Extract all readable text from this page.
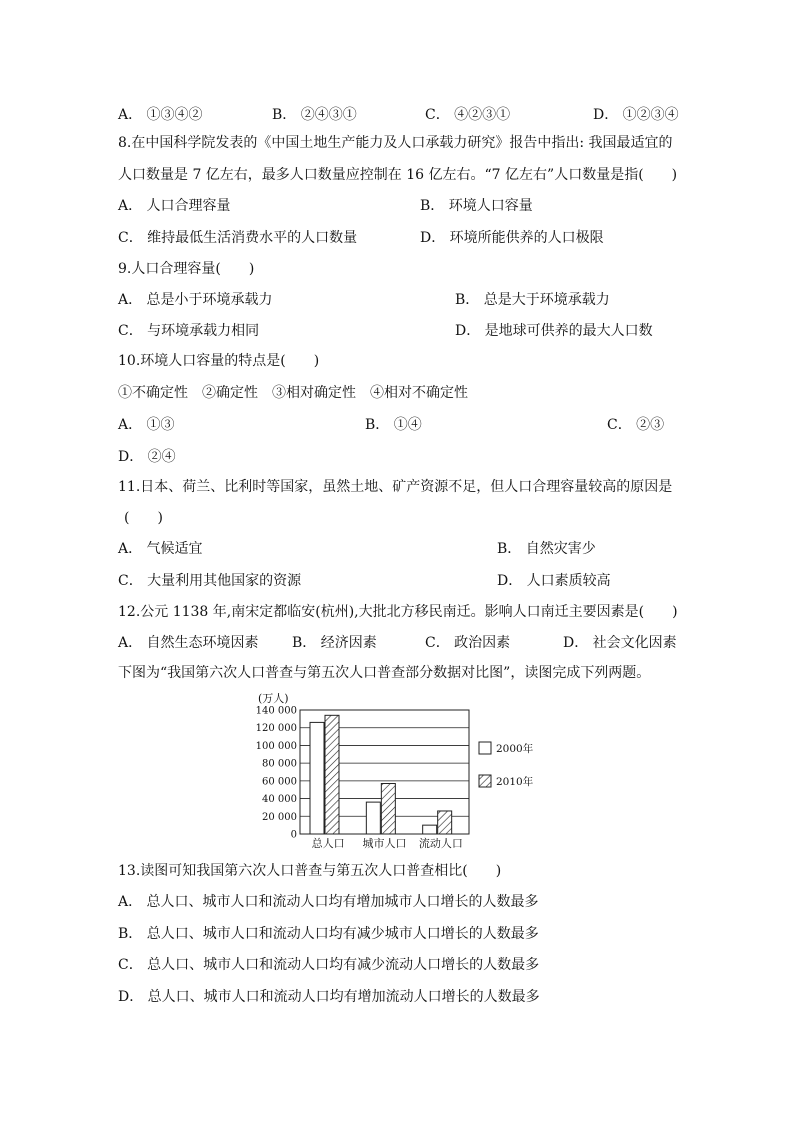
A． ①③④②	B． ②④③①	C． ④②③①	D． ①②③④
8.在中国科学院发表的《中国土地生产能力及人口承载力研究》报告中指出: 我国最适宜的
人口数量是 7 亿左右，最多人口数量应控制在 16 亿左右。“7 亿左右”人口数量是指(　　)
A． 人口合理容量	B． 环境人口容量
C． 维持最低生活消费水平的人口数量	D． 环境所能供养的人口极限
9.人口合理容量(　　)
A． 总是小于环境承载力	B． 总是大于环境承载力
C． 与环境承载力相同	D． 是地球可供养的最大人口数
10.环境人口容量的特点是(　　)
①不确定性　②确定性　③相对确定性　④相对不确定性
A． ①③	B． ①④	C． ②③
D． ②④
11.日本、荷兰、比利时等国家，虽然土地、矿产资源不足，但人口合理容量较高的原因是
(　　)
A． 气候适宜	B． 自然灾害少
C． 大量利用其他国家的资源	D． 人口素质较高
12.公元 1138 年,南宋定都临安(杭州),大批北方移民南迁。影响人口南迁主要因素是(　　)
A． 自然生态环境因素 B． 经济因素	C． 政治因素	D． 社会文化因素
下图为“我国第六次人口普查与第五次人口普查部分数据对比图”，读图完成下列两题。
(万人)
0
20 000
40 000
60 000
80 000
100 000
120 000
140 000
总人口 城市人口 流动人口
2000年
2010年
13.读图可知我国第六次人口普查与第五次人口普查相比(　　)
A． 总人口、城市人口和流动人口均有增加城市人口增长的人数最多
B． 总人口、城市人口和流动人口均有减少城市人口增长的人数最多
C． 总人口、城市人口和流动人口均有减少流动人口增长的人数最多
D． 总人口、城市人口和流动人口均有增加流动人口增长的人数最多
